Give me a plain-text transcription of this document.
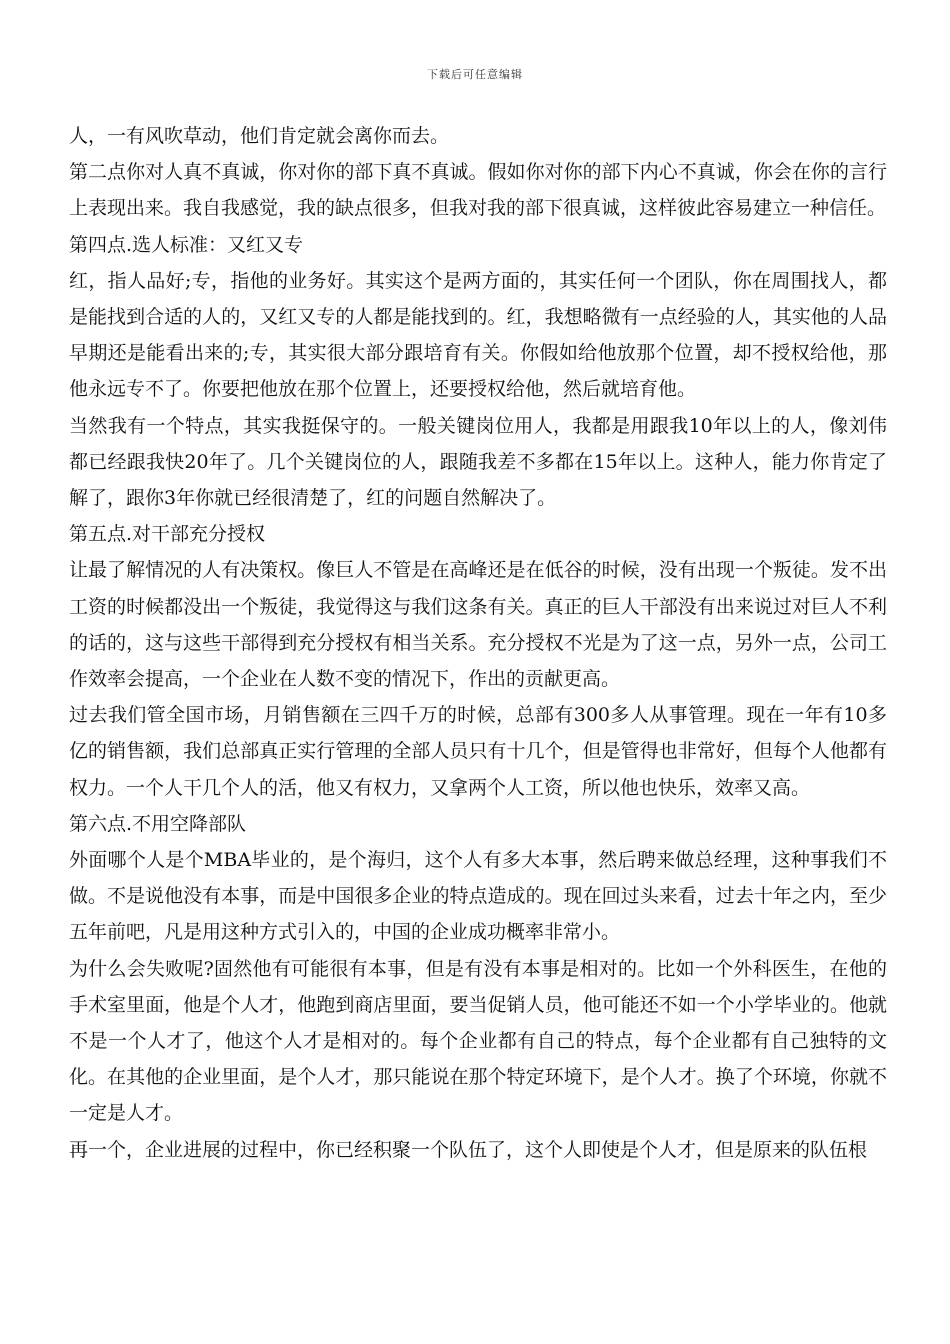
下载后可任意编辑

人，一有风吹草动，他们肯定就会离你而去。

第二点你对人真不真诚，你对你的部下真不真诚。假如你对你的部下内心不真诚，你会在你的言行上表现出来。我自我感觉，我的缺点很多，但我对我的部下很真诚，这样彼此容易建立一种信任。

第四点.选人标准：又红又专

红，指人品好;专，指他的业务好。其实这个是两方面的，其实任何一个团队，你在周围找人，都是能找到合适的人的，又红又专的人都是能找到的。红，我想略微有一点经验的人，其实他的人品早期还是能看出来的;专，其实很大部分跟培育有关。你假如给他放那个位置，却不授权给他，那他永远专不了。你要把他放在那个位置上，还要授权给他，然后就培育他。

当然我有一个特点，其实我挺保守的。一般关键岗位用人，我都是用跟我10年以上的人，像刘伟都已经跟我快20年了。几个关键岗位的人，跟随我差不多都在15年以上。这种人，能力你肯定了解了，跟你3年你就已经很清楚了，红的问题自然解决了。

第五点.对干部充分授权

让最了解情况的人有决策权。像巨人不管是在高峰还是在低谷的时候，没有出现一个叛徒。发不出工资的时候都没出一个叛徒，我觉得这与我们这条有关。真正的巨人干部没有出来说过对巨人不利的话的，这与这些干部得到充分授权有相当关系。充分授权不光是为了这一点，另外一点，公司工作效率会提高，一个企业在人数不变的情况下，作出的贡献更高。

过去我们管全国市场，月销售额在三四千万的时候，总部有300多人从事管理。现在一年有10多亿的销售额，我们总部真正实行管理的全部人员只有十几个，但是管得也非常好，但每个人他都有权力。一个人干几个人的活，他又有权力，又拿两个人工资，所以他也快乐，效率又高。

第六点.不用空降部队

外面哪个人是个MBA毕业的，是个海归，这个人有多大本事，然后聘来做总经理，这种事我们不做。不是说他没有本事，而是中国很多企业的特点造成的。现在回过头来看，过去十年之内，至少五年前吧，凡是用这种方式引入的，中国的企业成功概率非常小。

为什么会失败呢?固然他有可能很有本事，但是有没有本事是相对的。比如一个外科医生，在他的手术室里面，他是个人才，他跑到商店里面，要当促销人员，他可能还不如一个小学毕业的。他就不是一个人才了，他这个人才是相对的。每个企业都有自己的特点，每个企业都有自己独特的文化。在其他的企业里面，是个人才，那只能说在那个特定环境下，是个人才。换了个环境，你就不一定是人才。

再一个，企业进展的过程中，你已经积聚一个队伍了，这个人即使是个人才，但是原来的队伍根
